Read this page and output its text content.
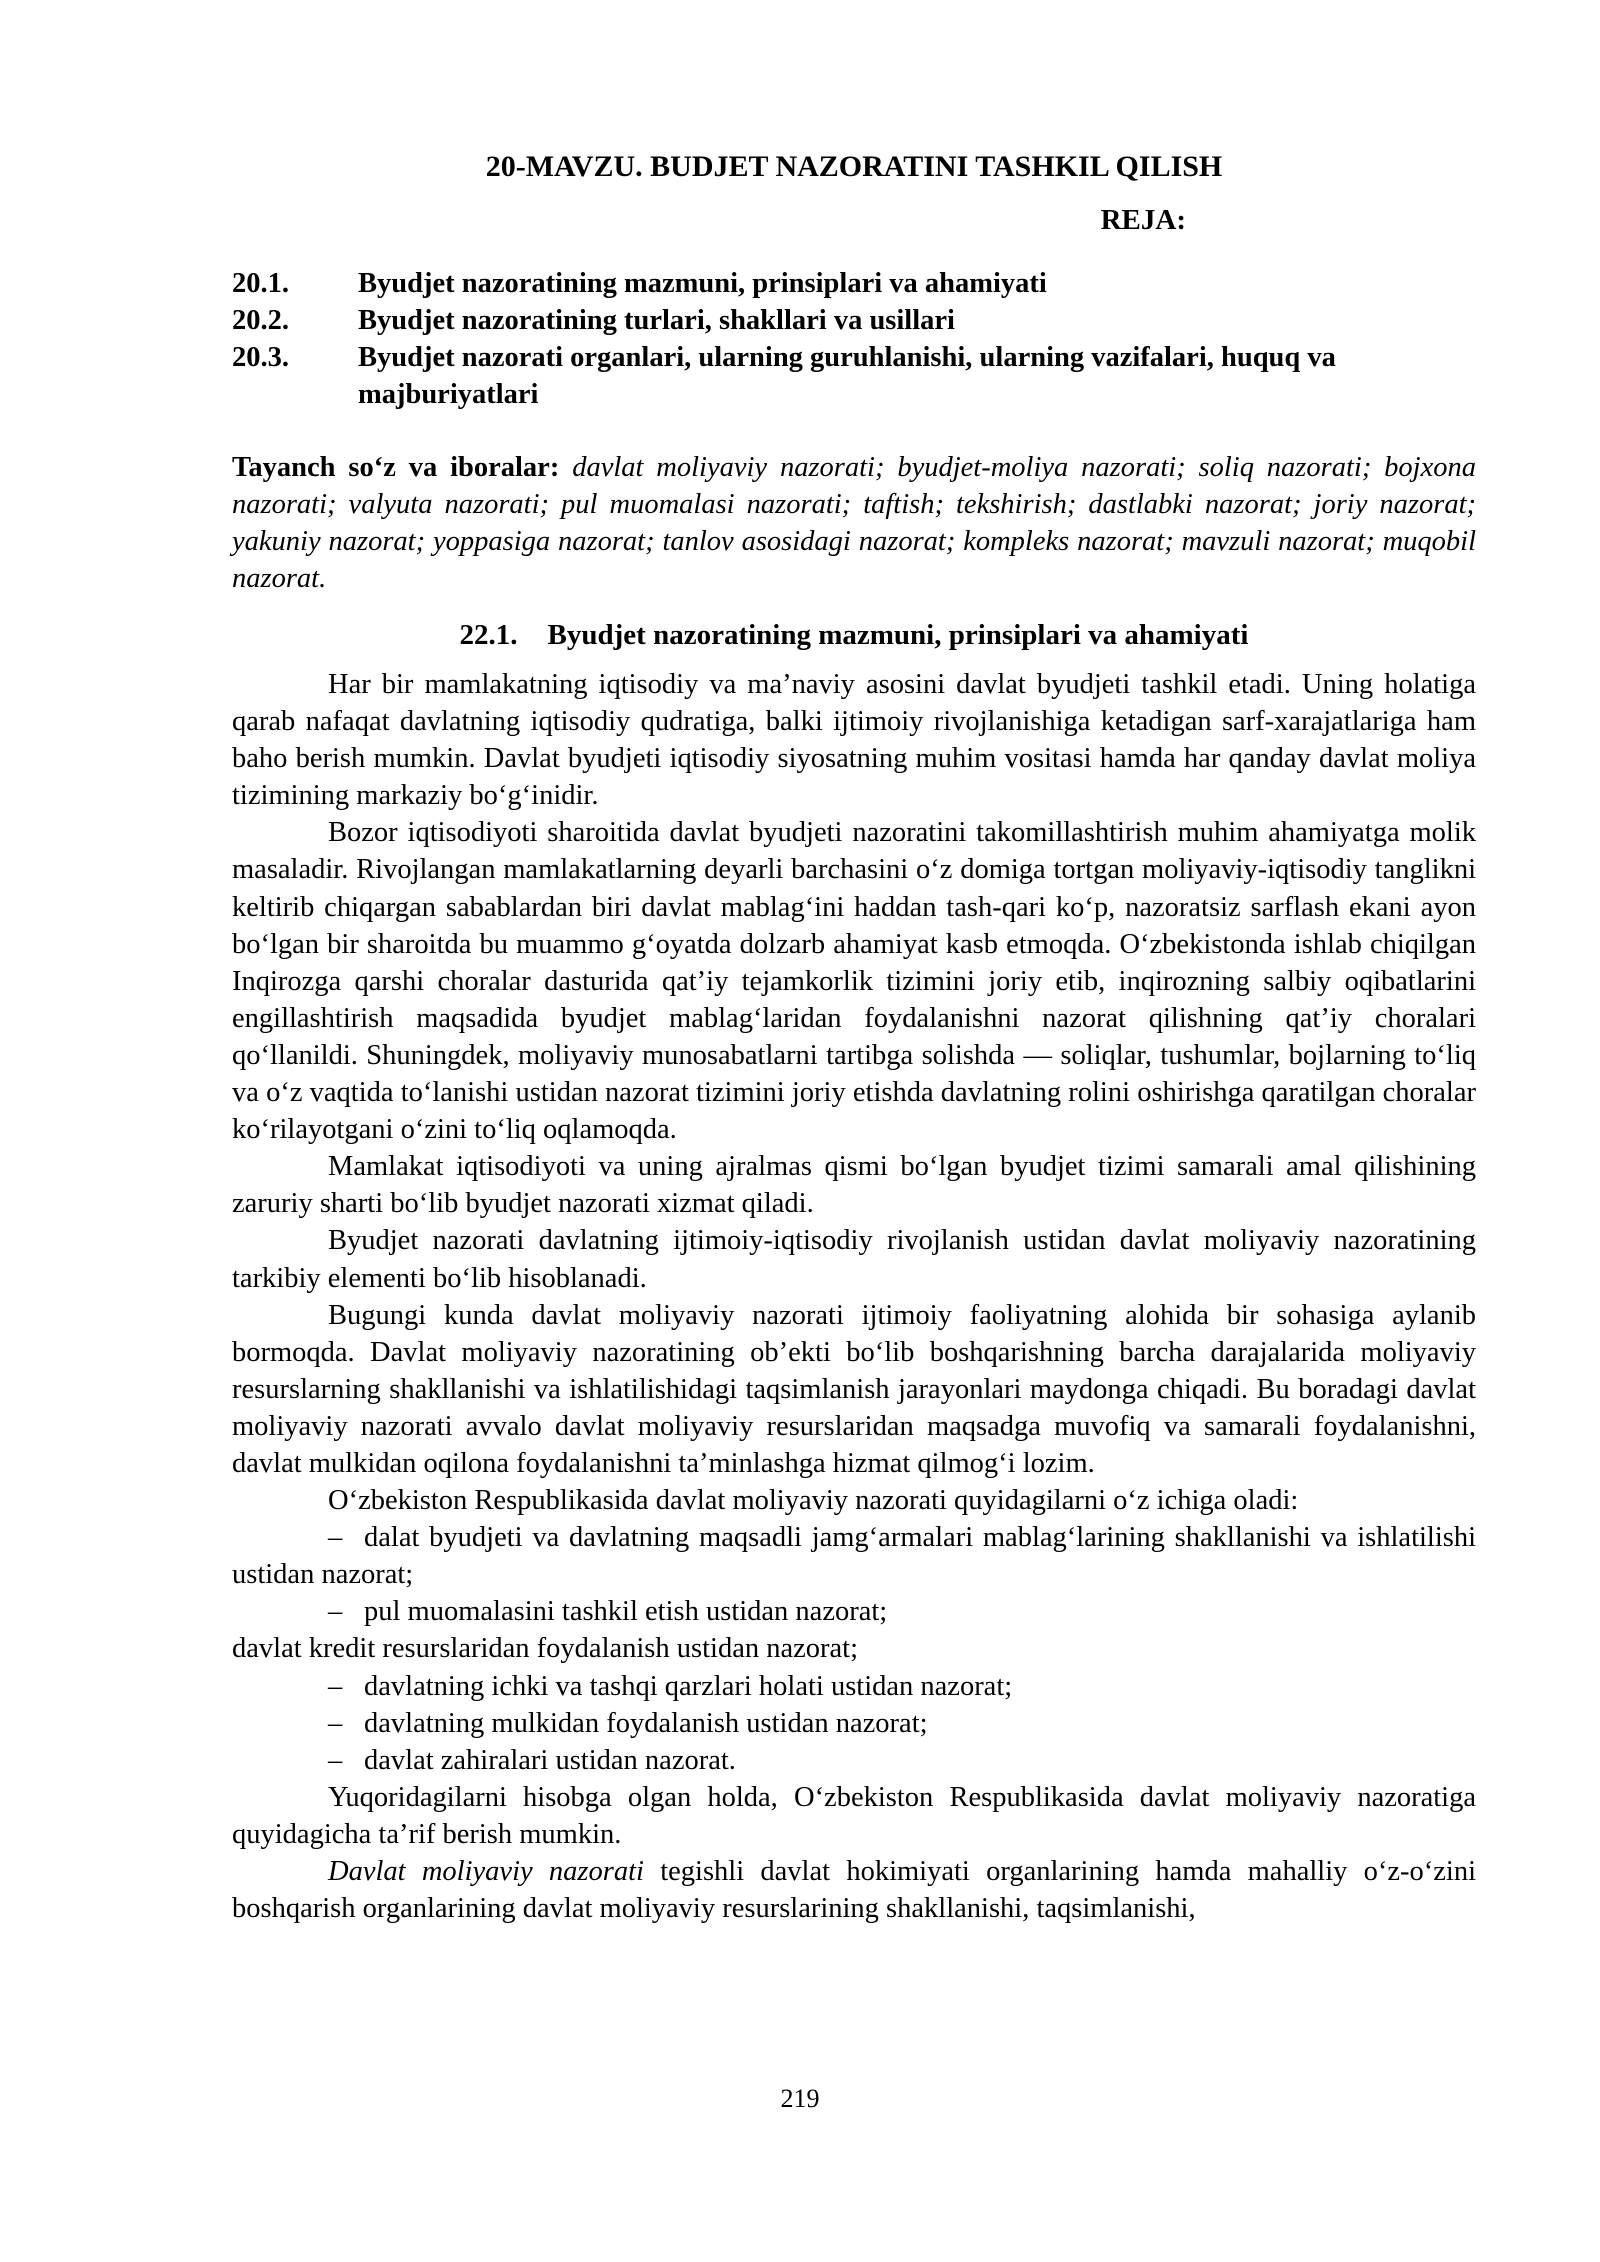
20-MAVZU. BUDJET NAZORATINI TASHKIL QILISH
REJA:
20.1.	Byudjet nazoratining mazmuni, prinsiplari va ahamiyati
20.2.	Byudjet nazoratining turlari, shakllari va usillari
20.3.	Byudjet nazorati organlari, ularning guruhlanishi, ularning vazifalari, huquq va majburiyatlari

Tayanch so‘z va iboralar: davlat moliyaviy nazorati; byudjet-moliya nazorati; soliq nazorati; bojxona nazorati; valyuta nazorati; pul muomalasi nazorati; taftish; tekshirish; dastlabki nazorat; joriy nazorat; yakuniy nazorat; yoppasiga nazorat; tanlov asosidagi nazorat; kompleks nazorat; mavzuli nazorat; muqobil nazorat.

22.1. Byudjet nazoratining mazmuni, prinsiplari va ahamiyati

Har bir mamlakatning iqtisodiy va ma’naviy asosini davlat byudjeti tashkil etadi. Uning holatiga qarab nafaqat davlatning iqtisodiy qudratiga, balki ijtimoiy rivojlanishiga ketadigan sarf-xarajatlariga ham baho berish mumkin. Davlat byudjeti iqtisodiy siyosatning muhim vositasi hamda har qanday davlat moliya tizimining markaziy bo‘g‘inidir.

Bozor iqtisodiyoti sharoitida davlat byudjeti nazoratini takomillashtirish muhim ahamiyatga molik masaladir. Rivojlangan mamlakatlarning deyarli barchasini o‘z domiga tortgan moliyaviy-iqtisodiy tanglikni keltirib chiqargan sabablardan biri davlat mablag‘ini haddan tash-qari ko‘p, nazoratsiz sarflash ekani ayon bo‘lgan bir sharoitda bu muammo g‘oyatda dolzarb ahamiyat kasb etmoqda. O‘zbekistonda ishlab chiqilgan Inqirozga qarshi choralar dasturida qat’iy tejamkorlik tizimini joriy etib, inqirozning salbiy oqibatlarini engillashtirish maqsadida byudjet mablag‘laridan foydalanishni nazorat qilishning qat’iy choralari qo‘llanildi. Shuningdek, moliyaviy munosabatlarni tartibga solishda — soliqlar, tushumlar, bojlarning to‘liq va o‘z vaqtida to‘lanishi ustidan nazorat tizimini joriy etishda davlatning rolini oshirishga qaratilgan choralar ko‘rilayotgani o‘zini to‘liq oqlamoqda.

Mamlakat iqtisodiyoti va uning ajralmas qismi bo‘lgan byudjet tizimi samarali amal qilishining zaruriy sharti bo‘lib byudjet nazorati xizmat qiladi.

Byudjet nazorati davlatning ijtimoiy-iqtisodiy rivojlanish ustidan davlat moliyaviy nazoratining tarkibiy elementi bo‘lib hisoblanadi.

Bugungi kunda davlat moliyaviy nazorati ijtimoiy faoliyatning alohida bir sohasiga aylanib bormoqda. Davlat moliyaviy nazoratining ob’ekti bo‘lib boshqarishning barcha darajalarida moliyaviy resurslarning shakllanishi va ishlatilishidagi taqsimlanish jarayonlari maydonga chiqadi. Bu boradagi davlat moliyaviy nazorati avvalo davlat moliyaviy resurslaridan maqsadga muvofiq va samarali foydalanishni, davlat mulkidan oqilona foydalanishni ta’minlashga hizmat qilmog‘i lozim.

O‘zbekiston Respublikasida davlat moliyaviy nazorati quyidagilarni o‘z ichiga oladi:

– dalat byudjeti va davlatning maqsadli jamg‘armalari mablag‘larining shakllanishi va ishlatilishi ustidan nazorat;

– pul muomalasini tashkil etish ustidan nazorat;

davlat kredit resurslaridan foydalanish ustidan nazorat;

– davlatning ichki va tashqi qarzlari holati ustidan nazorat;

– davlatning mulkidan foydalanish ustidan nazorat;

– davlat zahiralari ustidan nazorat.

Yuqoridagilarni hisobga olgan holda, O‘zbekiston Respublikasida davlat moliyaviy nazoratiga quyidagicha ta’rif berish mumkin.

Davlat moliyaviy nazorati tegishli davlat hokimiyati organlarining hamda mahalliy o‘z-o‘zini boshqarish organlarining davlat moliyaviy resurslarining shakllanishi, taqsimlanishi,

219
